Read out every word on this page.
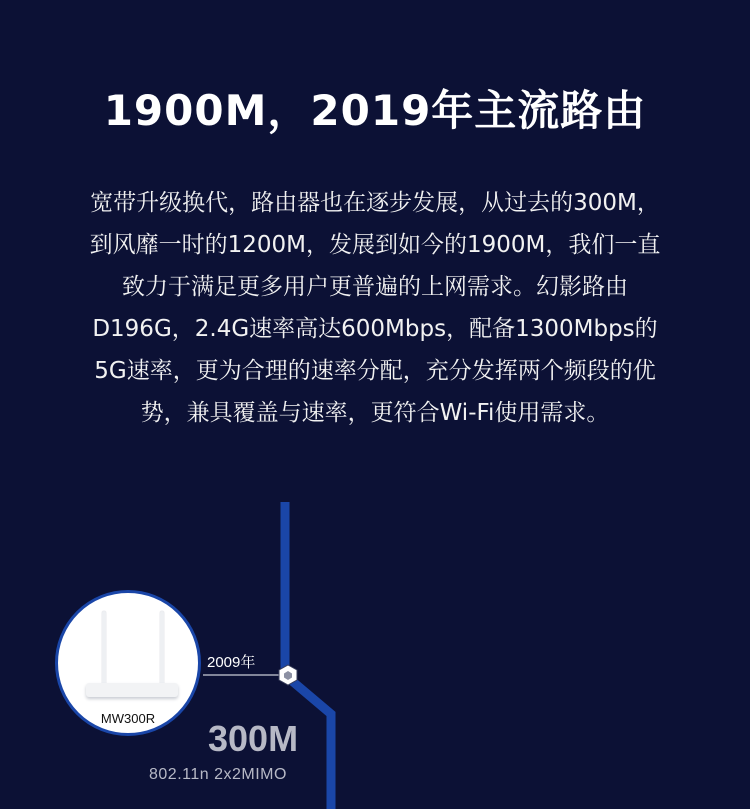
1900M，2019年主流路由
宽带升级换代，路由器也在逐步发展，从过去的300M，到风靡一时的1200M，发展到如今的1900M，我们一直致力于满足更多用户更普遍的上网需求。幻影路由 D196G，2.4G速率高达600Mbps，配备1300Mbps的5G速率，更为合理的速率分配，充分发挥两个频段的优势，兼具覆盖与速率，更符合Wi-Fi使用需求。
MW300R
2009年
300M
802.11n 2x2MIMO
